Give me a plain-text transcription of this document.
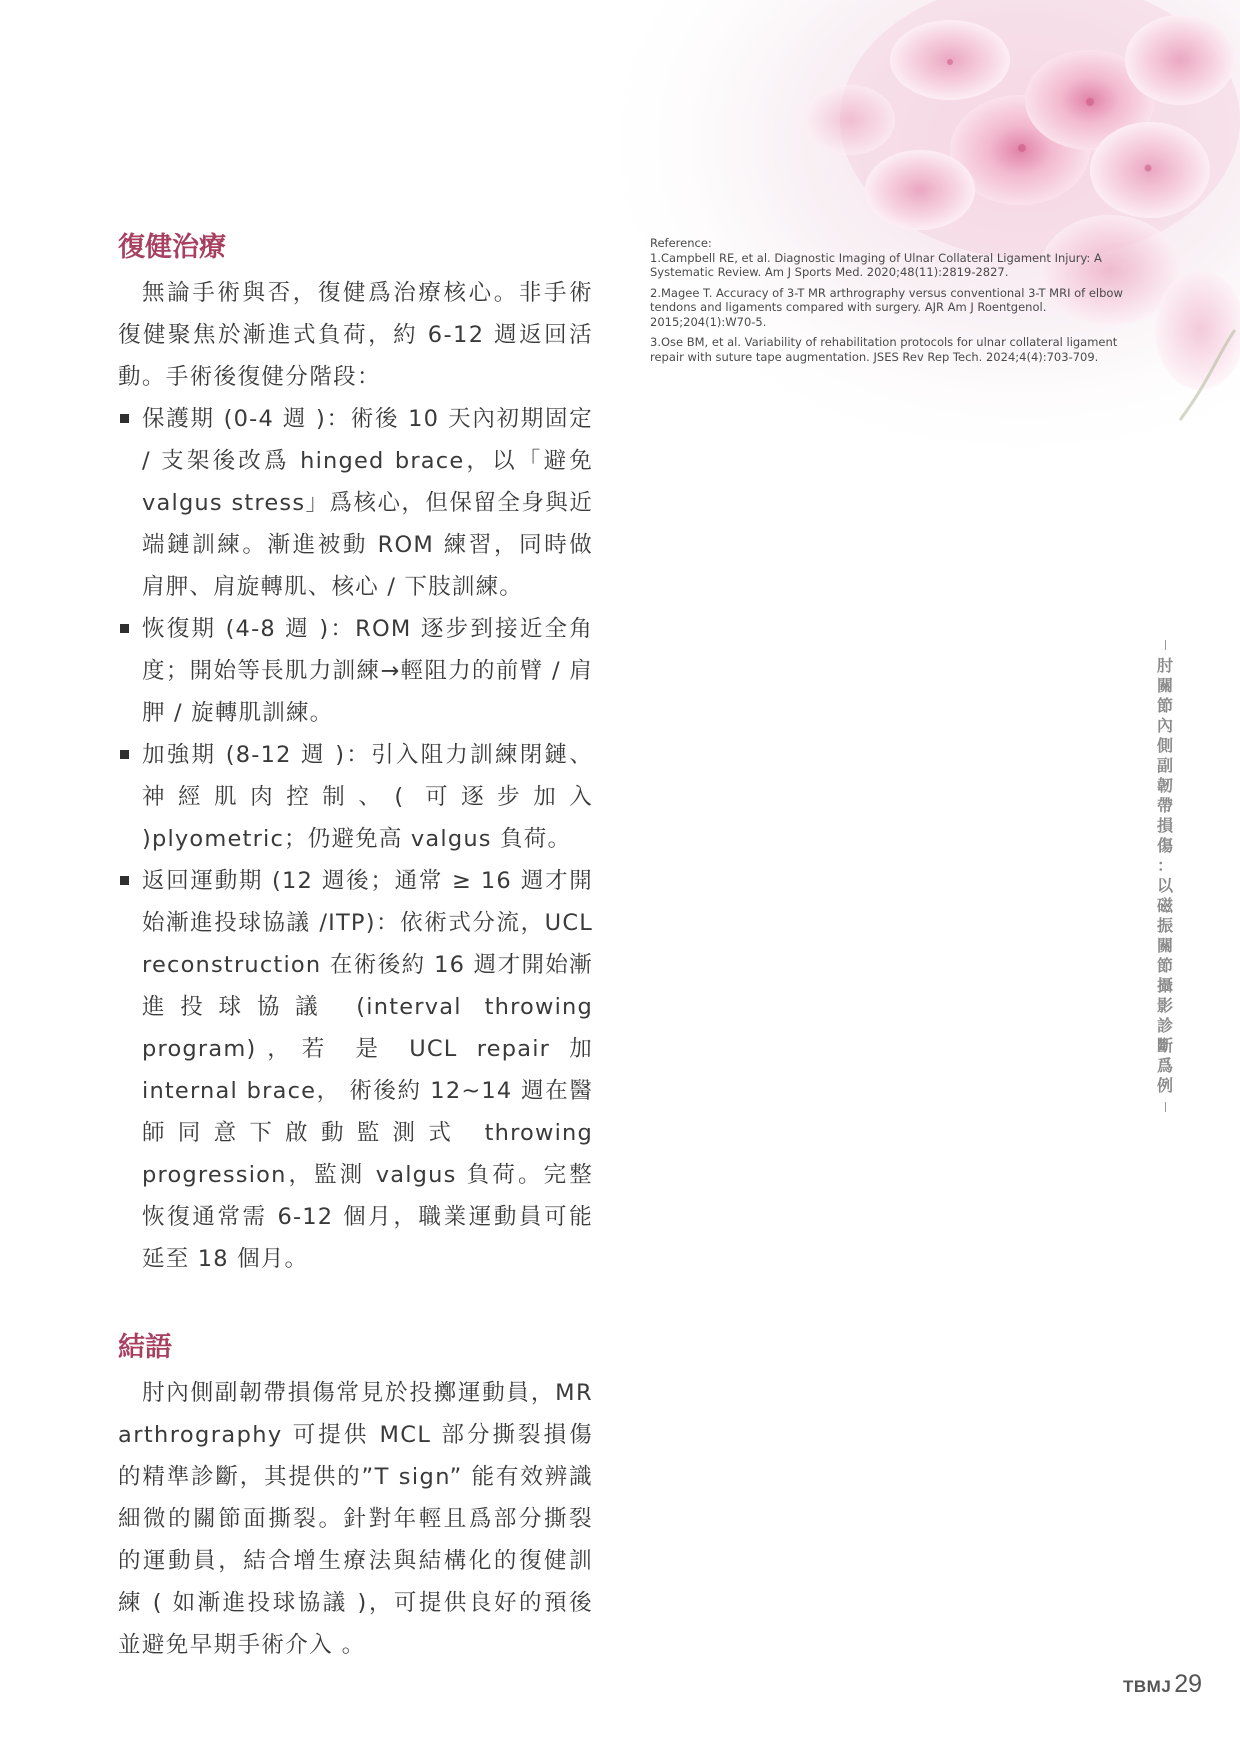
復健治療

無論手術與否，復健爲治療核心。非手術復健聚焦於漸進式負荷，約 6-12 週返回活動。手術後復健分階段：

保護期 (0-4 週 )：術後 10 天內初期固定 / 支架後改爲 hinged brace，以「避免 valgus stress」爲核心，但保留全身與近端鏈訓練。漸進被動 ROM 練習，同時做肩胛、肩旋轉肌、核心 / 下肢訓練。
恢復期 (4-8 週 )：ROM 逐步到接近全角度；開始等長肌力訓練→輕阻力的前臂 / 肩胛 / 旋轉肌訓練。
加強期 (8-12 週 )：引入阻力訓練閉鏈、神經肌肉控制、( 可逐步加入 )plyometric；仍避免高 valgus 負荷。
返回運動期 (12 週後；通常 ≥ 16 週才開始漸進投球協議 /ITP)：依術式分流，UCL reconstruction 在術後約 16 週才開始漸進投球協議 (interval throwing program)，若 是 UCL repair 加 internal brace， 術後約 12~14 週在醫師同意下啟動監測式 throwing progression，監測 valgus 負荷。完整恢復通常需 6-12 個月，職業運動員可能延至 18 個月。
結語

肘內側副韌帶損傷常見於投擲運動員，MR arthrography 可提供 MCL 部分撕裂損傷的精準診斷，其提供的”T sign” 能有效辨識細微的關節面撕裂。針對年輕且爲部分撕裂的運動員，結合增生療法與結構化的復健訓練 ( 如漸進投球協議 )，可提供良好的預後並避免早期手術介入 。

Reference:

1.Campbell RE, et al. Diagnostic Imaging of Ulnar Collateral Ligament Injury: A Systematic Review. Am J Sports Med. 2020;48(11):2819-2827.

2.Magee T. Accuracy of 3-T MR arthrography versus conventional 3-T MRI of elbow tendons and ligaments compared with surgery. AJR Am J Roentgenol. 2015;204(1):W70-5.

3.Ose BM, et al. Variability of rehabilitation protocols for ulnar collateral ligament repair with suture tape augmentation. JSES Rev Rep Tech. 2024;4(4):703-709.

肘
關
節
內
側
副
韌
帶
損
傷
：
以
磁
振
關
節
攝
影
診
斷
爲
例
TBMJ 29
